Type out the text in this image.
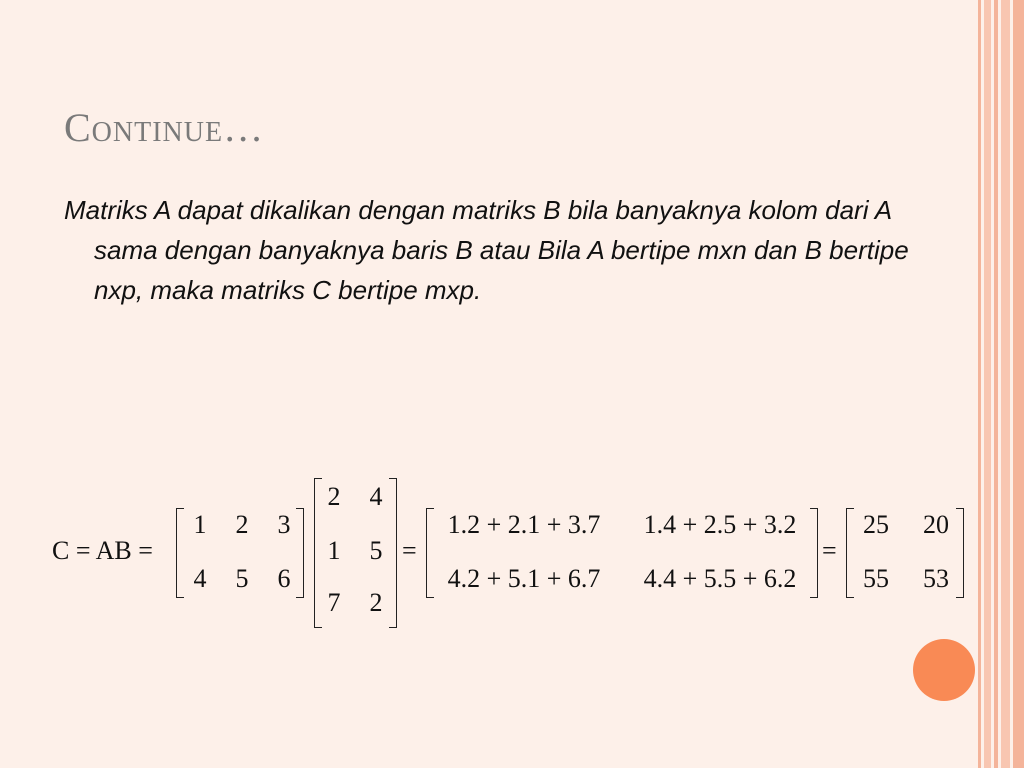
Continue…
Matriks A dapat dikalikan dengan matriks B bila banyaknya kolom dari A sama dengan banyaknya baris B atau Bila A bertipe mxn dan B bertipe nxp, maka matriks C bertipe mxp.
C = AB =
1 2 3
4 5 6
2 4
1 5
7 2
=
1.2 + 2.1 + 3.7	1.4 + 2.5 + 3.2
4.2 + 5.1 + 6.7	4.4 + 5.5 + 6.2
=
25 20
55 53
